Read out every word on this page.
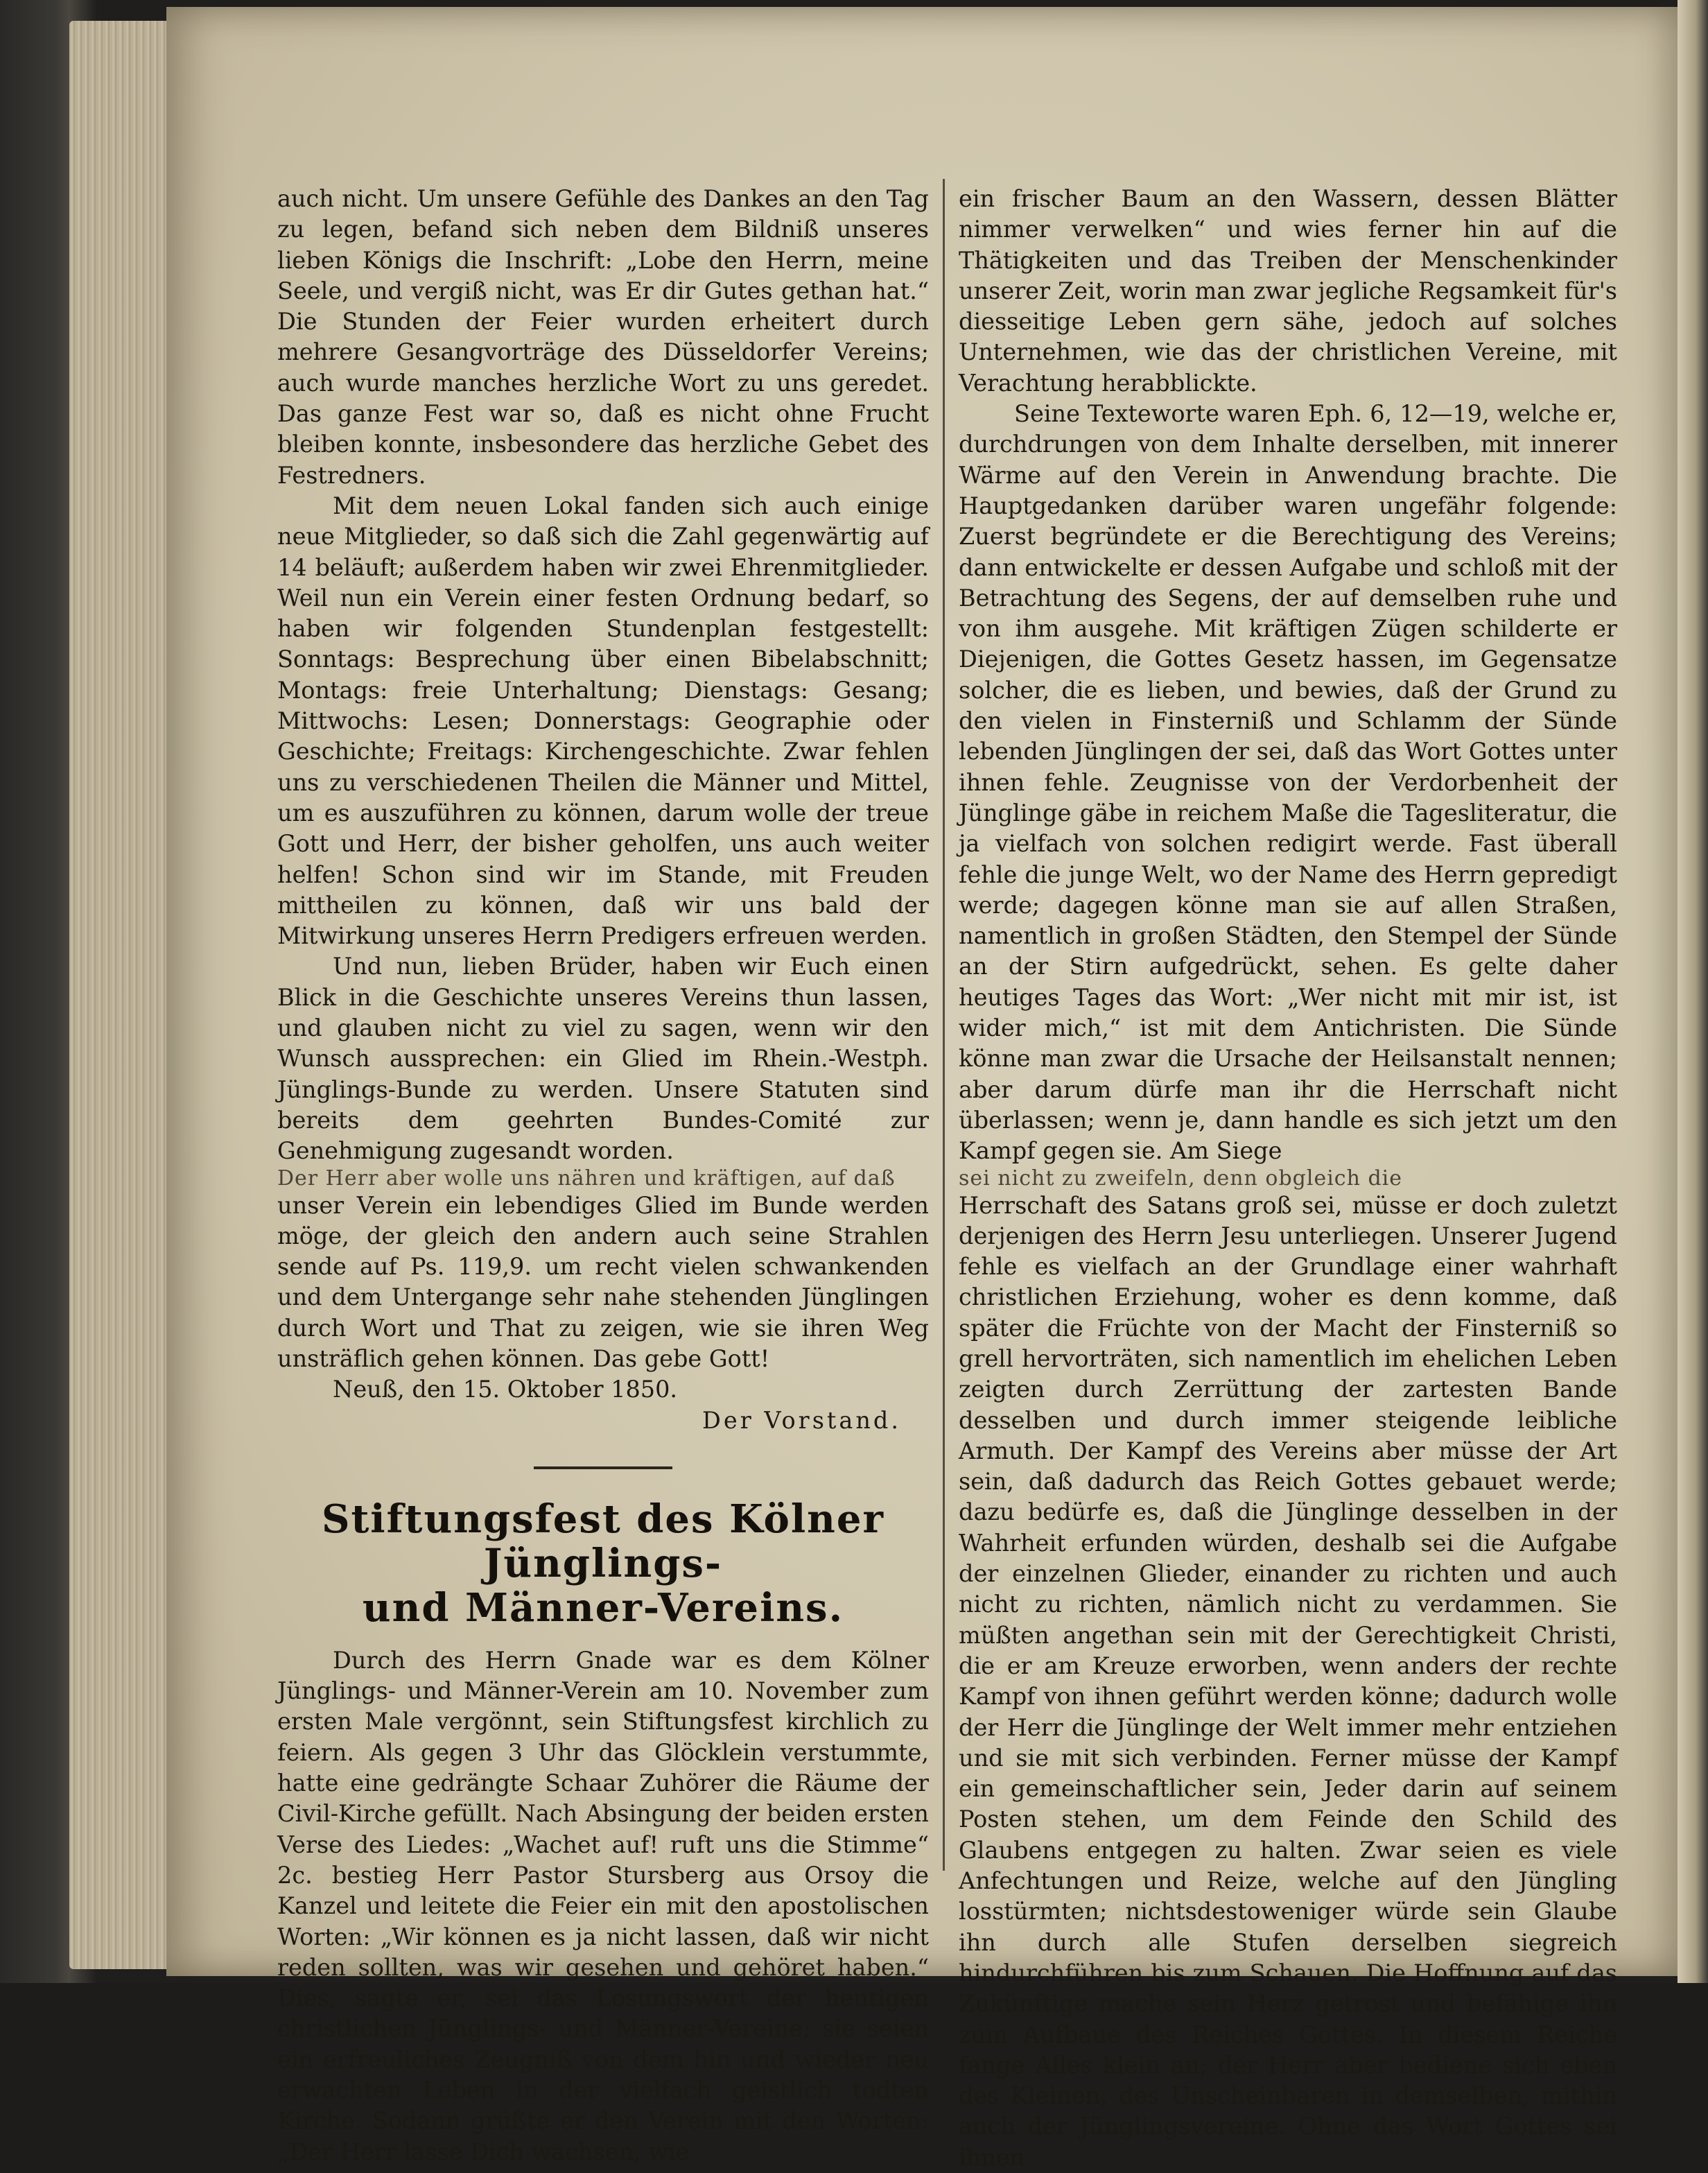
auch nicht. Um unsere Gefühle des Dankes an den Tag zu legen, befand sich neben dem Bildniß unseres lieben Königs die Inschrift: „Lobe den Herrn, meine Seele, und vergiß nicht, was Er dir Gutes gethan hat.“ Die Stunden der Feier wurden erheitert durch mehrere Gesangvorträge des Düsseldorfer Vereins; auch wurde manches herzliche Wort zu uns geredet. Das ganze Fest war so, daß es nicht ohne Frucht bleiben konnte, insbesondere das herzliche Gebet des Festredners.

Mit dem neuen Lokal fanden sich auch einige neue Mitglieder, so daß sich die Zahl gegenwärtig auf 14 beläuft; außerdem haben wir zwei Ehrenmitglieder. Weil nun ein Verein einer festen Ordnung bedarf, so haben wir folgenden Stundenplan festgestellt: Sonntags: Besprechung über einen Bibelabschnitt; Montags: freie Unterhaltung; Dienstags: Gesang; Mittwochs: Lesen; Donnerstags: Geographie oder Geschichte; Freitags: Kirchengeschichte. Zwar fehlen uns zu verschiedenen Theilen die Männer und Mittel, um es auszuführen zu können, darum wolle der treue Gott und Herr, der bisher geholfen, uns auch weiter helfen! Schon sind wir im Stande, mit Freuden mittheilen zu können, daß wir uns bald der Mitwirkung unseres Herrn Predigers erfreuen werden.

Und nun, lieben Brüder, haben wir Euch einen Blick in die Geschichte unseres Vereins thun lassen, und glauben nicht zu viel zu sagen, wenn wir den Wunsch aussprechen: ein Glied im Rhein.-Westph. Jünglings-Bunde zu werden. Unsere Statuten sind bereits dem geehrten Bundes-Comité zur Genehmigung zugesandt worden.

Der Herr aber wolle uns nähren und kräftigen, auf daß

unser Verein ein lebendiges Glied im Bunde werden möge, der gleich den andern auch seine Strahlen sende auf Ps. 119,9. um recht vielen schwankenden und dem Untergange sehr nahe stehenden Jünglingen durch Wort und That zu zeigen, wie sie ihren Weg unsträflich gehen können. Das gebe Gott!

Neuß, den 15. Oktober 1850.

Der Vorstand.

Stiftungsfest des Kölner Jünglings-
und Männer-Vereins.

Durch des Herrn Gnade war es dem Kölner Jünglings- und Männer-Verein am 10. November zum ersten Male vergönnt, sein Stiftungsfest kirchlich zu feiern. Als gegen 3 Uhr das Glöcklein verstummte, hatte eine gedrängte Schaar Zuhörer die Räume der Civil-Kirche gefüllt. Nach Absingung der beiden ersten Verse des Liedes: „Wachet auf! ruft uns die Stimme“ 2c. bestieg Herr Pastor Stursberg aus Orsoy die Kanzel und leitete die Feier ein mit den apostolischen Worten: „Wir können es ja nicht lassen, daß wir nicht reden sollten, was wir gesehen und gehöret haben.“ Dies, sagte er, sei das Losungswort der heutigen christlichen Jünglings- und Männer-Vereine; sie seien ein erfreuliches Zeugniß von dem hin und wieder neu erwachten Leben in der vielfach geistlich todten Kirche. Sodann grüßte er den Verein mit den Worten: „Der Herr lasse Dich wachsen, wie

ein frischer Baum an den Wassern, dessen Blätter nimmer verwelken“ und wies ferner hin auf die Thätigkeiten und das Treiben der Menschenkinder unserer Zeit, worin man zwar jegliche Regsamkeit für's diesseitige Leben gern sähe, jedoch auf solches Unternehmen, wie das der christlichen Vereine, mit Verachtung herabblickte.

Seine Texteworte waren Eph. 6, 12—19, welche er, durchdrungen von dem Inhalte derselben, mit innerer Wärme auf den Verein in Anwendung brachte. Die Hauptgedanken darüber waren ungefähr folgende: Zuerst begründete er die Berechtigung des Vereins; dann entwickelte er dessen Aufgabe und schloß mit der Betrachtung des Segens, der auf demselben ruhe und von ihm ausgehe. Mit kräftigen Zügen schilderte er Diejenigen, die Gottes Gesetz hassen, im Gegensatze solcher, die es lieben, und bewies, daß der Grund zu den vielen in Finsterniß und Schlamm der Sünde lebenden Jünglingen der sei, daß das Wort Gottes unter ihnen fehle. Zeugnisse von der Verdorbenheit der Jünglinge gäbe in reichem Maße die Tagesliteratur, die ja vielfach von solchen redigirt werde. Fast überall fehle die junge Welt, wo der Name des Herrn gepredigt werde; dagegen könne man sie auf allen Straßen, namentlich in großen Städten, den Stempel der Sünde an der Stirn aufgedrückt, sehen. Es gelte daher heutiges Tages das Wort: „Wer nicht mit mir ist, ist wider mich,“ ist mit dem Antichristen. Die Sünde könne man zwar die Ursache der Heilsanstalt nennen; aber darum dürfe man ihr die Herrschaft nicht überlassen; wenn je, dann handle es sich jetzt um den Kampf gegen sie. Am Siege

sei nicht zu zweifeln, denn obgleich die

Herrschaft des Satans groß sei, müsse er doch zuletzt derjenigen des Herrn Jesu unterliegen. Unserer Jugend fehle es vielfach an der Grundlage einer wahrhaft christlichen Erziehung, woher es denn komme, daß später die Früchte von der Macht der Finsterniß so grell hervorträten, sich namentlich im ehelichen Leben zeigten durch Zerrüttung der zartesten Bande desselben und durch immer steigende leibliche Armuth. Der Kampf des Vereins aber müsse der Art sein, daß dadurch das Reich Gottes gebauet werde; dazu bedürfe es, daß die Jünglinge desselben in der Wahrheit erfunden würden, deshalb sei die Aufgabe der einzelnen Glieder, einander zu richten und auch nicht zu richten, nämlich nicht zu verdammen. Sie müßten angethan sein mit der Gerechtigkeit Christi, die er am Kreuze erworben, wenn anders der rechte Kampf von ihnen geführt werden könne; dadurch wolle der Herr die Jünglinge der Welt immer mehr entziehen und sie mit sich verbinden. Ferner müsse der Kampf ein gemeinschaftlicher sein, Jeder darin auf seinem Posten stehen, um dem Feinde den Schild des Glaubens entgegen zu halten. Zwar seien es viele Anfechtungen und Reize, welche auf den Jüngling losstürmten; nichtsdestoweniger würde sein Glaube ihn durch alle Stufen derselben siegreich hindurchführen bis zum Schauen. Die Hoffnung auf das Zukünftige mache sein Herz getrost und befähige ihn zum Aufbaue des Reiches Gottes. In diesem Reiche fange Alles klein an; der Herr aber bediene sich eben des Kleinen, des Unscheinbaren in demselben, mithin auch der Jünglingsvereine. Ohne das Wort Gottes sei ihnen
